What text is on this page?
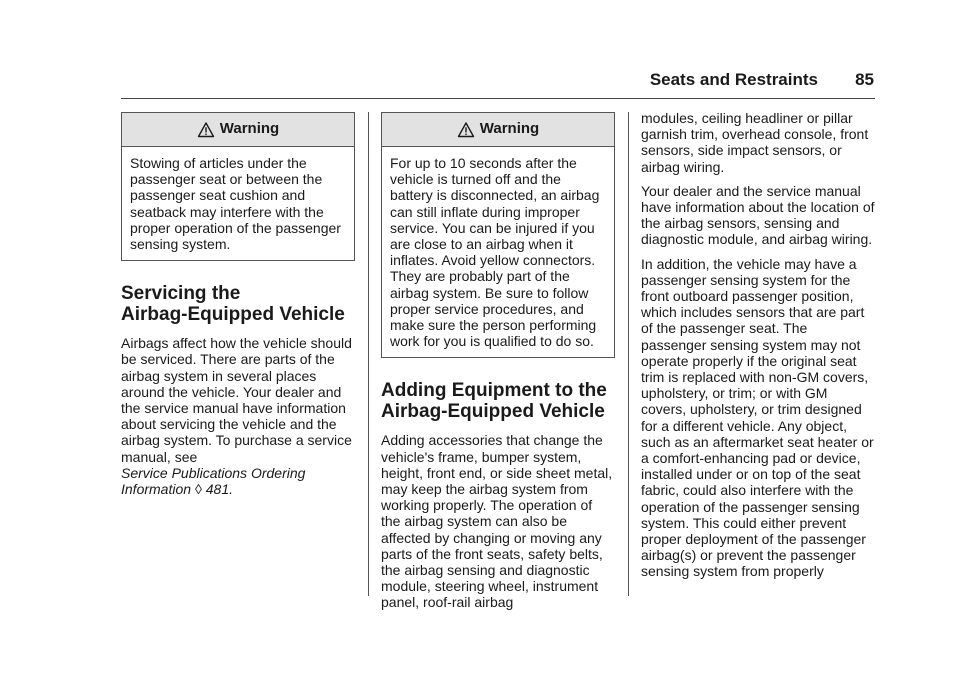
Seats and Restraints 85
Warning
Stowing of articles under the passenger seat or between the passenger seat cushion and seatback may interfere with the proper operation of the passenger sensing system.
Servicing the
Airbag-Equipped Vehicle

Airbags affect how the vehicle should be serviced. There are parts of the airbag system in several places around the vehicle. Your dealer and the service manual have information about servicing the vehicle and the airbag system. To purchase a service manual, see
Service Publications Ordering
Information ◊ 481.

Warning
For up to 10 seconds after the vehicle is turned off and the battery is disconnected, an airbag can still inflate during improper service. You can be injured if you are close to an airbag when it inflates. Avoid yellow connectors. They are probably part of the airbag system. Be sure to follow proper service procedures, and make sure the person performing work for you is qualified to do so.
Adding Equipment to the
Airbag-Equipped Vehicle

Adding accessories that change the vehicle's frame, bumper system, height, front end, or side sheet metal, may keep the airbag system from working properly. The operation of the airbag system can also be affected by changing or moving any parts of the front seats, safety belts, the airbag sensing and diagnostic module, steering wheel, instrument panel, roof-rail airbag

modules, ceiling headliner or pillar garnish trim, overhead console, front sensors, side impact sensors, or airbag wiring.

Your dealer and the service manual have information about the location of the airbag sensors, sensing and diagnostic module, and airbag wiring.

In addition, the vehicle may have a passenger sensing system for the front outboard passenger position, which includes sensors that are part of the passenger seat. The passenger sensing system may not operate properly if the original seat trim is replaced with non-GM covers, upholstery, or trim; or with GM covers, upholstery, or trim designed for a different vehicle. Any object, such as an aftermarket seat heater or a comfort-enhancing pad or device, installed under or on top of the seat fabric, could also interfere with the operation of the passenger sensing system. This could either prevent proper deployment of the passenger airbag(s) or prevent the passenger sensing system from properly
